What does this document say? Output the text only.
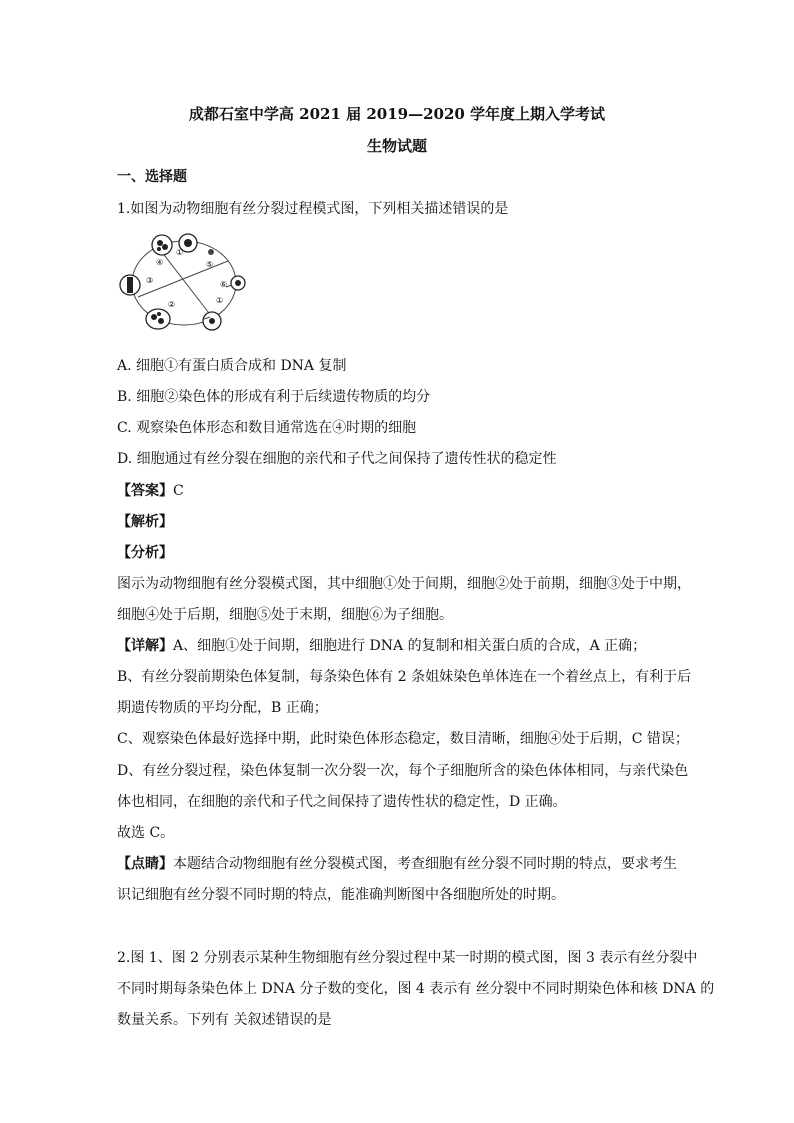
成都石室中学高 2021 届 2019—2020 学年度上期入学考试
生物试题
一、选择题
1.如图为动物细胞有丝分裂过程模式图，下列相关描述错误的是
①
②
③
④	⑤
⑥
①
A. 细胞①有蛋白质合成和 DNA 复制
B. 细胞②染色体的形成有利于后续遗传物质的均分
C. 观察染色体形态和数目通常选在④时期的细胞
D. 细胞通过有丝分裂在细胞的亲代和子代之间保持了遗传性状的稳定性
【答案】C
【解析】
【分析】
图示为动物细胞有丝分裂模式图，其中细胞①处于间期，细胞②处于前期，细胞③处于中期，
细胞④处于后期，细胞⑤处于末期，细胞⑥为子细胞。
【详解】A、细胞①处于间期，细胞进行 DNA 的复制和相关蛋白质的合成，A 正确；
B、有丝分裂前期染色体复制，每条染色体有 2 条姐妹染色单体连在一个着丝点上，有利于后
期遗传物质的平均分配，B 正确；
C、观察染色体最好选择中期，此时染色体形态稳定，数目清晰，细胞④处于后期，C 错误；
D、有丝分裂过程，染色体复制一次分裂一次，每个子细胞所含的染色体体相同，与亲代染色
体也相同，在细胞的亲代和子代之间保持了遗传性状的稳定性，D 正确。
故选 C。
【点睛】本题结合动物细胞有丝分裂模式图，考查细胞有丝分裂不同时期的特点，要求考生
识记细胞有丝分裂不同时期的特点，能准确判断图中各细胞所处的时期。
2.图 1、图 2 分别表示某种生物细胞有丝分裂过程中某一时期的模式图，图 3 表示有丝分裂中
不同时期每条染色体上 DNA 分子数的变化，图 4 表示有 丝分裂中不同时期染色体和核 DNA 的
数量关系。下列有 关叙述错误的是
